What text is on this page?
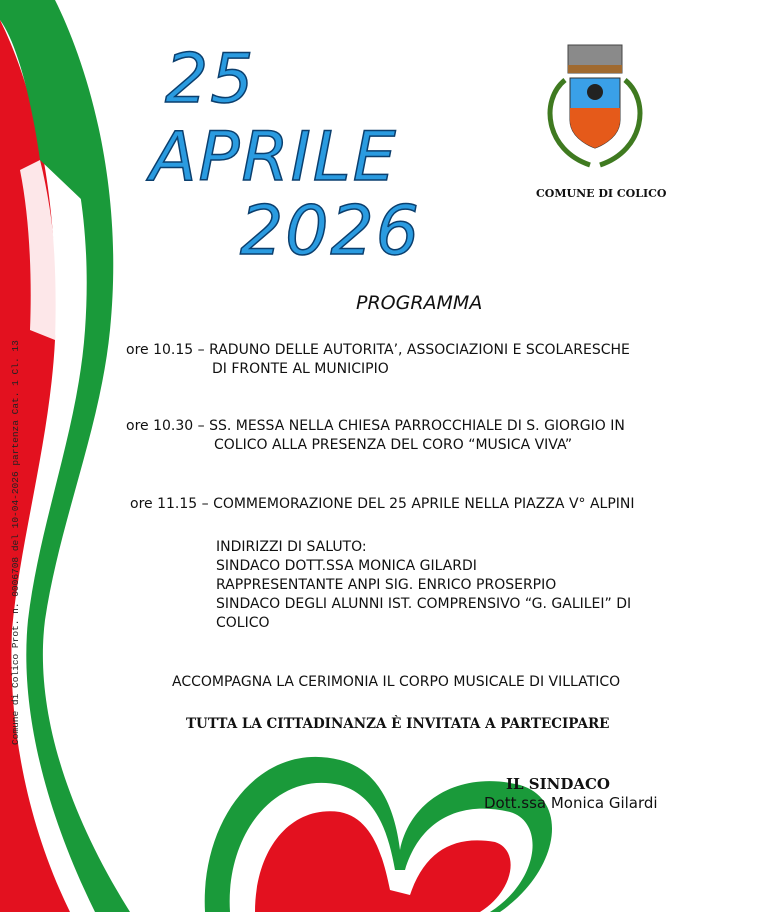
Comune di Colico Prot. n. 0006708 del 10-04-2026 partenza Cat. 1 Cl. 13
25
APRILE
2026	COMUNE DI COLICO
PROGRAMMA
ore 10.15 – RADUNO DELLE AUTORITA’, ASSOCIAZIONI E SCOLARESCHE
DI FRONTE AL MUNICIPIO
ore 10.30 – SS. MESSA NELLA CHIESA PARROCCHIALE DI S. GIORGIO IN
COLICO ALLA PRESENZA DEL CORO “MUSICA VIVA”
ore 11.15 – COMMEMORAZIONE DEL 25 APRILE NELLA PIAZZA V° ALPINI
INDIRIZZI DI SALUTO:
SINDACO DOTT.SSA MONICA GILARDI
RAPPRESENTANTE ANPI SIG. ENRICO PROSERPIO
SINDACO DEGLI ALUNNI IST. COMPRENSIVO “G. GALILEI” DI
COLICO
ACCOMPAGNA LA CERIMONIA IL CORPO MUSICALE DI VILLATICO
TUTTA LA CITTADINANZA È INVITATA A PARTECIPARE
IL SINDACO
Dott.ssa Monica Gilardi
